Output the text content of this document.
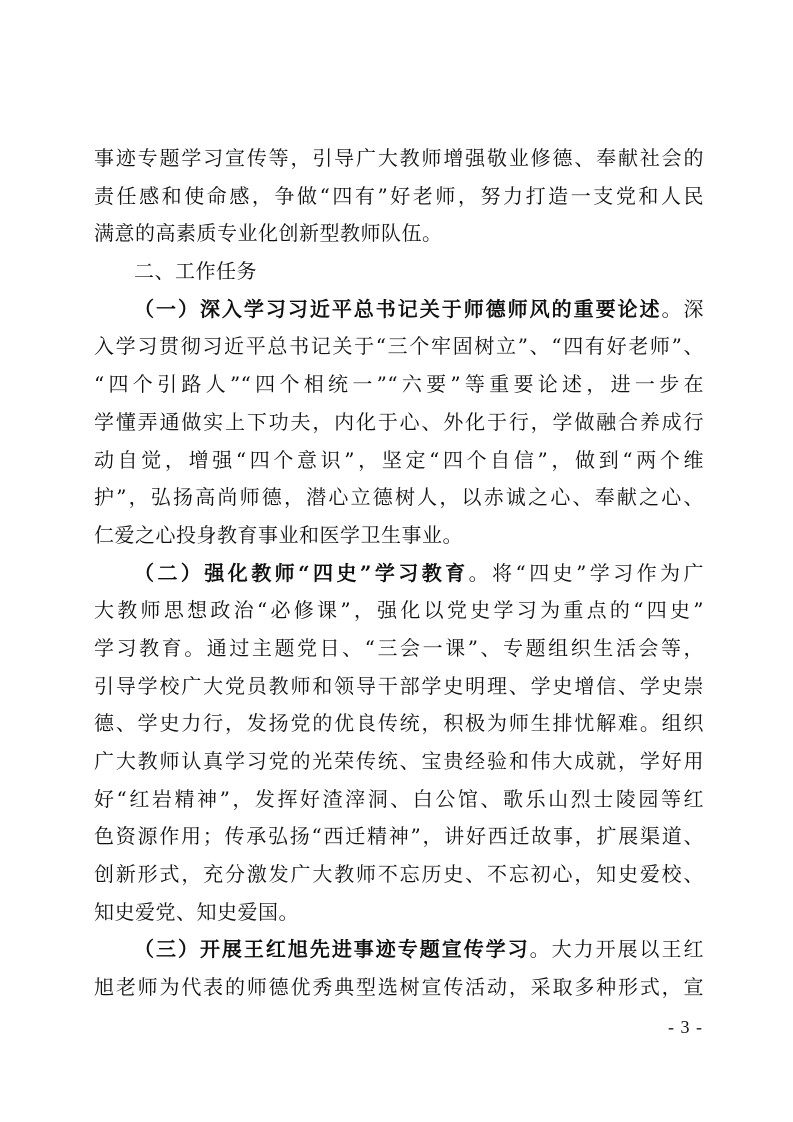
事迹专题学习宣传等，引导广大教师增强敬业修德、奉献社会的
责任感和使命感，争做“四有”好老师，努力打造一支党和人民
满意的高素质专业化创新型教师队伍。
二、工作任务
（一）深入学习习近平总书记关于师德师风的重要论述。深
入学习贯彻习近平总书记关于“三个牢固树立”、“四有好老师”、
“四个引路人”“四个相统一”“六要”等重要论述，进一步在
学懂弄通做实上下功夫，内化于心、外化于行，学做融合养成行
动自觉，增强“四个意识”，坚定“四个自信”，做到“两个维
护”，弘扬高尚师德，潜心立德树人，以赤诚之心、奉献之心、
仁爱之心投身教育事业和医学卫生事业。
（二）强化教师“四史”学习教育。将“四史”学习作为广
大教师思想政治“必修课”，强化以党史学习为重点的“四史”
学习教育。通过主题党日、“三会一课”、专题组织生活会等，
引导学校广大党员教师和领导干部学史明理、学史增信、学史崇
德、学史力行，发扬党的优良传统，积极为师生排忧解难。组织
广大教师认真学习党的光荣传统、宝贵经验和伟大成就，学好用
好“红岩精神”，发挥好渣滓洞、白公馆、歌乐山烈士陵园等红
色资源作用；传承弘扬“西迁精神”，讲好西迁故事，扩展渠道、
创新形式，充分激发广大教师不忘历史、不忘初心，知史爱校、
知史爱党、知史爱国。
（三）开展王红旭先进事迹专题宣传学习。大力开展以王红
旭老师为代表的师德优秀典型选树宣传活动，采取多种形式，宣
- 3 -
